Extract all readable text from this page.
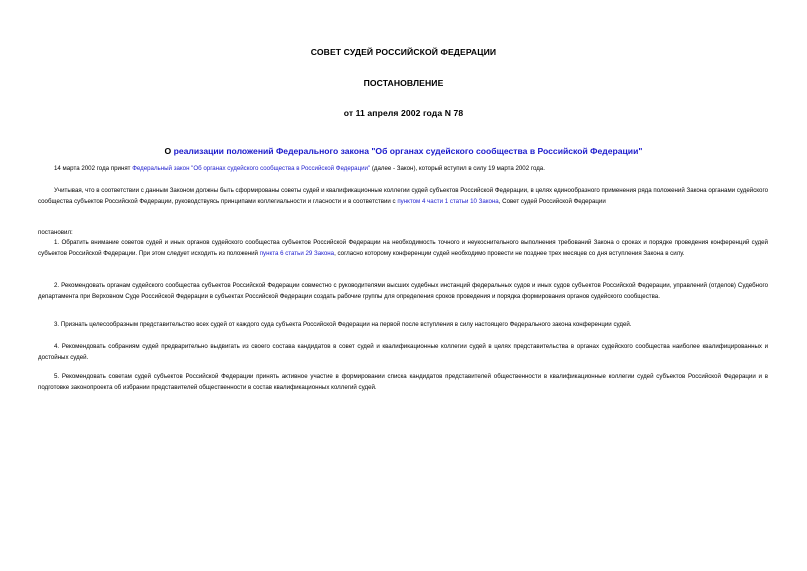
СОВЕТ СУДЕЙ РОССИЙСКОЙ ФЕДЕРАЦИИ
ПОСТАНОВЛЕНИЕ
от 11 апреля 2002 года N 78
О реализации положений Федерального закона "Об органах судейского сообщества в Российской Федерации"

14 марта 2002 года принят Федеральный закон "Об органах судейского сообщества в Российской Федерации" (далее - Закон), который вступил в силу 19 марта 2002 года.

Учитывая, что в соответствии с данным Законом должны быть сформированы советы судей и квалификационные коллегии судей субъектов Российской Федерации, в целях единообразного применения ряда положений Закона органами судейского сообщества субъектов Российской Федерации, руководствуясь принципами коллегиальности и гласности и в соответствии с пунктом 4 части 1 статьи 10 Закона, Совет судей Российской Федерации

постановил:

1. Обратить внимание советов судей и иных органов судейского сообщества субъектов Российской Федерации на необходимость точного и неукоснительного выполнения требований Закона о сроках и порядке проведения конференций судей субъектов Российской Федерации. При этом следует исходить из положений пункта 6 статьи 29 Закона, согласно которому конференции судей необходимо провести не позднее трех месяцев со дня вступления Закона в силу.

2. Рекомендовать органам судейского сообщества субъектов Российской Федерации совместно с руководителями высших судебных инстанций федеральных судов и иных судов субъектов Российской Федерации, управлений (отделов) Судебного департамента при Верховном Суде Российской Федерации в субъектах Российской Федерации создать рабочие группы для определения сроков проведения и порядка формирования органов судейского сообщества.

3. Признать целесообразным представительство всех судей от каждого суда субъекта Российской Федерации на первой после вступления в силу настоящего Федерального закона конференции судей.

4. Рекомендовать собраниям судей предварительно выдвигать из своего состава кандидатов в совет судей и квалификационные коллегии судей в целях представительства в органах судейского сообщества наиболее квалифицированных и достойных судей.

5. Рекомендовать советам судей субъектов Российской Федерации принять активное участие в формировании списка кандидатов представителей общественности в квалификационные коллегии судей субъектов Российской Федерации и в подготовке законопроекта об избрании представителей общественности в состав квалификационных коллегий судей.
